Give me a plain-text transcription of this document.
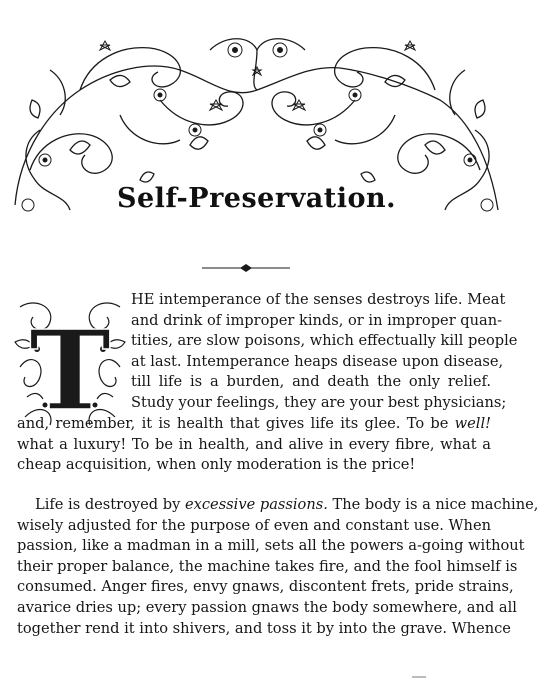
Self-Preservation.
T
HE intemperance of the senses destroys life. Meat
and drink of improper kinds, or in improper quan-
tities, are slow poisons, which effectually kill people
at last. Intemperance heaps disease upon disease,
till life is a burden, and death the only relief.
Study your feelings, they are your best physicians;
and, remember, it is health that gives life its glee. To be well!
what a luxury! To be in health, and alive in every fibre, what a
cheap acquisition, when only moderation is the price!
Life is destroyed by excessive passions. The body is a nice machine,
wisely adjusted for the purpose of even and constant use. When
passion, like a madman in a mill, sets all the powers a-going without
their proper balance, the machine takes fire, and the fool himself is
consumed. Anger fires, envy gnaws, discontent frets, pride strains,
avarice dries up; every passion gnaws the body somewhere, and all
together rend it into shivers, and toss it by into the grave. Whence
